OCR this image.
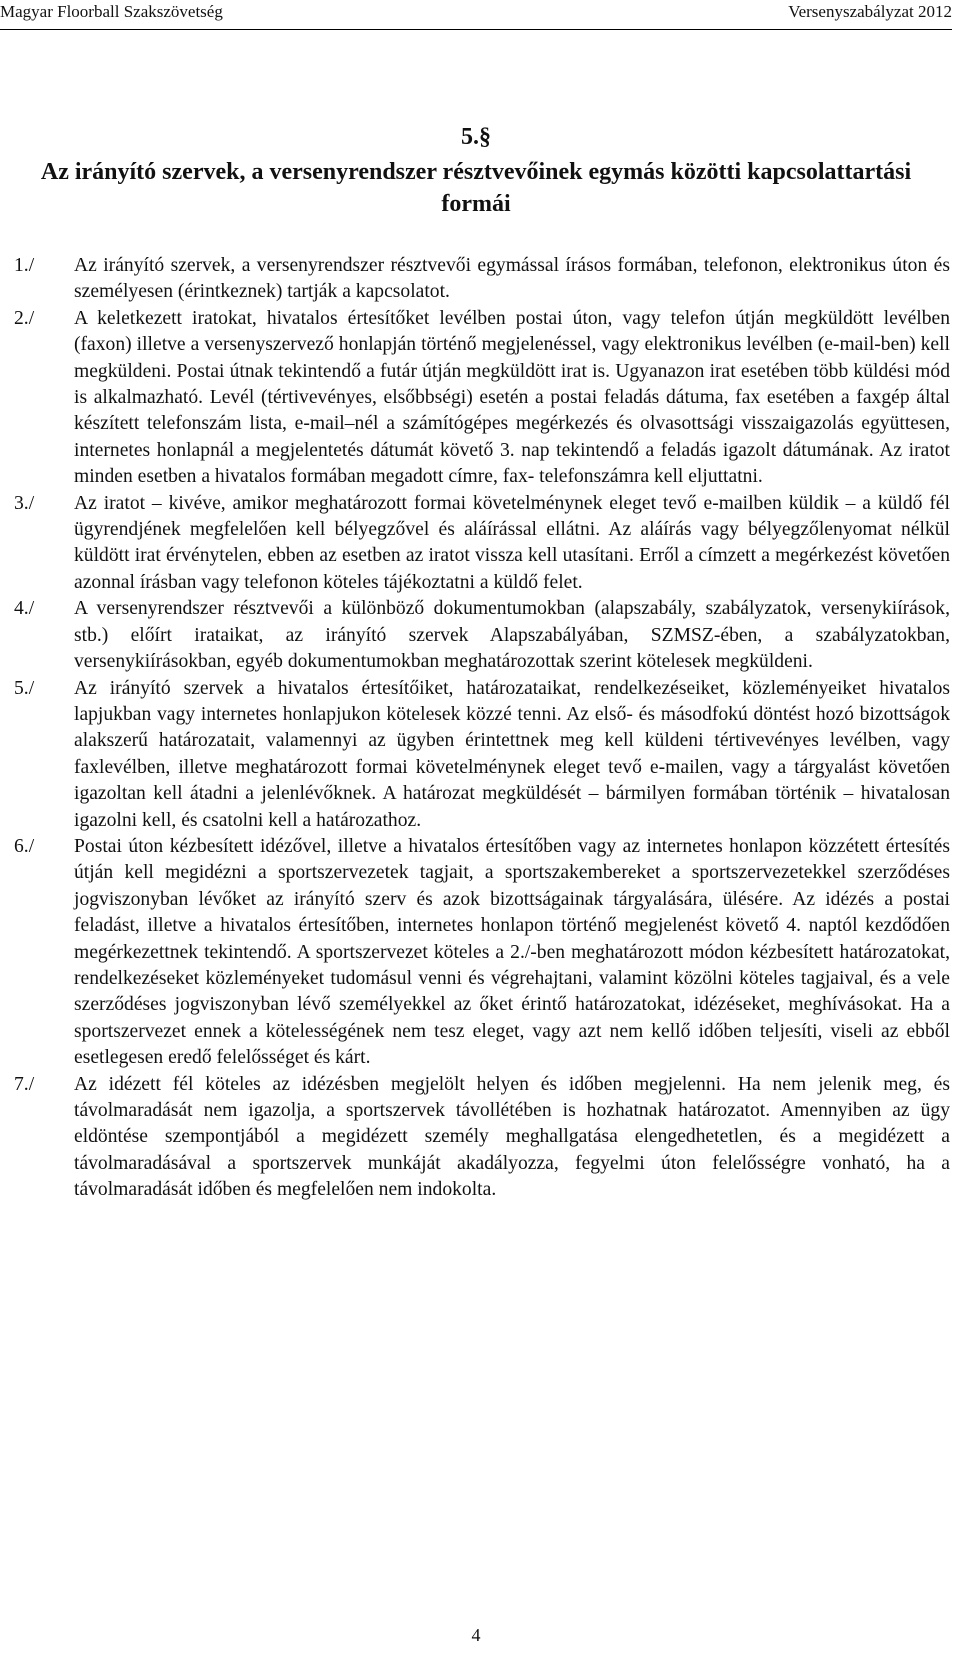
Magyar Floorball Szakszövetség	Versenyszabályzat 2012
5.§
Az irányító szervek, a versenyrendszer résztvevőinek egymás közötti kapcsolattartási formái
1./ Az irányító szervek, a versenyrendszer résztvevői egymással írásos formában, telefonon, elektronikus úton és személyesen (érintkeznek) tartják a kapcsolatot.
2./ A keletkezett iratokat, hivatalos értesítőket levélben postai úton, vagy telefon útján megküldött levélben (faxon) illetve a versenyszervező honlapján történő megjelenéssel, vagy elektronikus levélben (e-mail-ben) kell megküldeni. Postai útnak tekintendő a futár útján megküldött irat is. Ugyanazon irat esetében több küldési mód is alkalmazható. Levél (tértivevényes, elsőbbségi) esetén a postai feladás dátuma, fax esetében a faxgép által készített telefonszám lista, e-mail–nél a számítógépes megérkezés és olvasottsági visszaigazolás együttesen, internetes honlapnál a megjelentetés dátumát követő 3. nap tekintendő a feladás igazolt dátumának. Az iratot minden esetben a hivatalos formában megadott címre, fax- telefonszámra kell eljuttatni.
3./ Az iratot – kivéve, amikor meghatározott formai követelménynek eleget tevő e-mailben küldik – a küldő fél ügyrendjének megfelelően kell bélyegzővel és aláírással ellátni. Az aláírás vagy bélyegzőlenyomat nélkül küldött irat érvénytelen, ebben az esetben az iratot vissza kell utasítani. Erről a címzett a megérkezést követően azonnal írásban vagy telefonon köteles tájékoztatni a küldő felet.
4./ A versenyrendszer résztvevői a különböző dokumentumokban (alapszabály, szabályzatok, versenykiírások, stb.) előírt irataikat, az irányító szervek Alapszabályában, SZMSZ-ében, a szabályzatokban, versenykiírásokban, egyéb dokumentumokban meghatározottak szerint kötelesek megküldeni.
5./ Az irányító szervek a hivatalos értesítőiket, határozataikat, rendelkezéseiket, közleményeiket hivatalos lapjukban vagy internetes honlapjukon kötelesek közzé tenni. Az első- és másodfokú döntést hozó bizottságok alakszerű határozatait, valamennyi az ügyben érintettnek meg kell küldeni tértivevényes levélben, vagy faxlevélben, illetve meghatározott formai követelménynek eleget tevő e-mailen, vagy a tárgyalást követően igazoltan kell átadni a jelenlévőknek. A határozat megküldését – bármilyen formában történik – hivatalosan igazolni kell, és csatolni kell a határozathoz.
6./ Postai úton kézbesített idézővel, illetve a hivatalos értesítőben vagy az internetes honlapon közzétett értesítés útján kell megidézni a sportszervezetek tagjait, a sportszakembereket a sportszervezetekkel szerződéses jogviszonyban lévőket az irányító szerv és azok bizottságainak tárgyalására, ülésére. Az idézés a postai feladást, illetve a hivatalos értesítőben, internetes honlapon történő megjelenést követő 4. naptól kezdődően megérkezettnek tekintendő. A sportszervezet köteles a 2./-ben meghatározott módon kézbesített határozatokat, rendelkezéseket közleményeket tudomásul venni és végrehajtani, valamint közölni köteles tagjaival, és a vele szerződéses jogviszonyban lévő személyekkel az őket érintő határozatokat, idézéseket, meghívásokat. Ha a sportszervezet ennek a kötelességének nem tesz eleget, vagy azt nem kellő időben teljesíti, viseli az ebből esetlegesen eredő felelősséget és kárt.
7./ Az idézett fél köteles az idézésben megjelölt helyen és időben megjelenni. Ha nem jelenik meg, és távolmaradását nem igazolja, a sportszervek távollétében is hozhatnak határozatot. Amennyiben az ügy eldöntése szempontjából a megidézett személy meghallgatása elengedhetetlen, és a megidézett a távolmaradásával a sportszervek munkáját akadályozza, fegyelmi úton felelősségre vonható, ha a távolmaradását időben és megfelelően nem indokolta.
4
